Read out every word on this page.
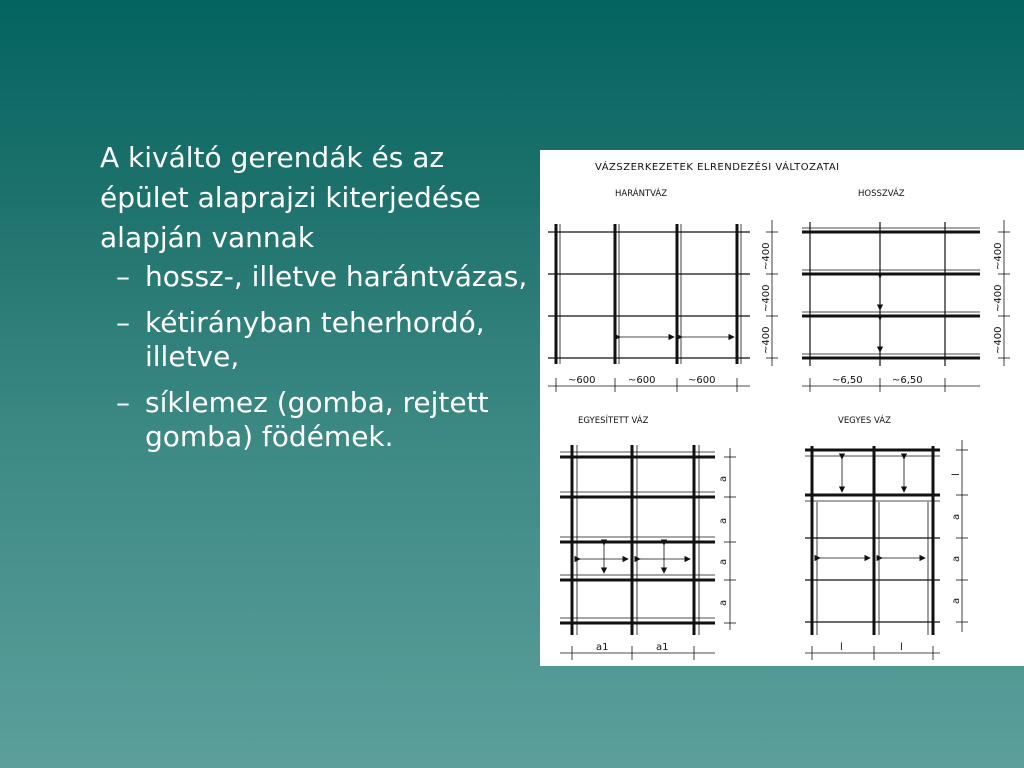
A kiváltó gerendák és az épület alaprajzi kiterjedése alapján vannak

– hossz-, illetve harántvázas,
– kétirányban teherhordó, illetve,
– síklemez (gomba, rejtett gomba) födémek.
VÁZSZERKEZETEK ELRENDEZÉSI VÁLTOZATAI
HARÁNTVÁZ
~600	~600	~600
~400
~400
~400
HOSSZVÁZ
~6,50	~6,50
~400
~400
~400
EGYESÍTETT VÁZ
a1	a1
a
a
a
a
VEGYES VÁZ
l	l
l
a
a
a
